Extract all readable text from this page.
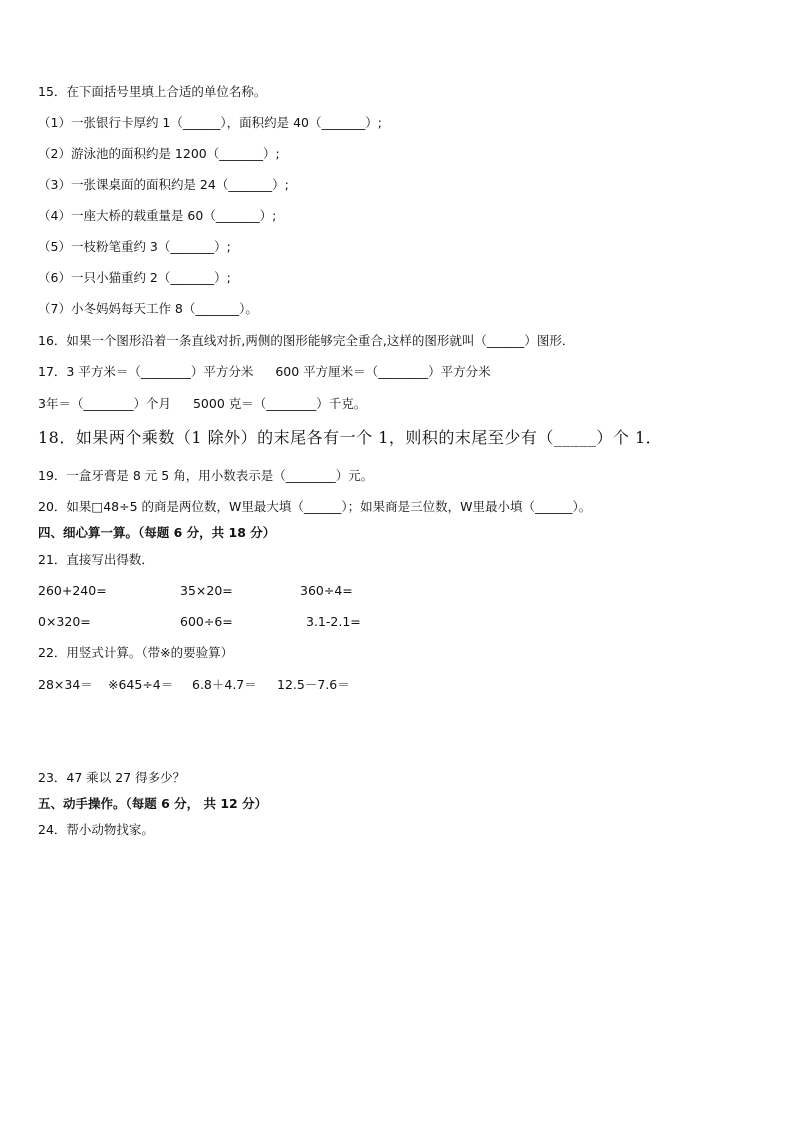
15．在下面括号里填上合适的单位名称。
（1）一张银行卡厚约 1（______），面积约是 40（_______）;
（2）游泳池的面积约是 1200（_______）;
（3）一张课桌面的面积约是 24（_______）;
（4）一座大桥的载重量是 60（_______）;
（5）一枝粉笔重约 3（_______）;
（6）一只小猫重约 2（_______）;
（7）小冬妈妈每天工作 8（_______）。
16．如果一个图形沿着一条直线对折,两侧的图形能够完全重合,这样的图形就叫（______）图形．
17．3 平方米＝（________）平方分米 600 平方厘米＝（________）平方分米
3年＝（________）个月 5000 克＝（________）千克。
18．如果两个乘数（1 除外）的末尾各有一个 1，则积的末尾至少有（_____）个 1．
19．一盒牙膏是 8 元 5 角，用小数表示是（________）元。
20．如果□48÷5 的商是两位数，W里最大填（______）；如果商是三位数，W里最小填（______）。
四、细心算一算。（每题 6 分，共 18 分）
21．直接写出得数．
260+240=	35×20=	360÷4=
0×320=	600÷6=	3.1-2.1=
22．用竖式计算。（带※的要验算）
28×34＝ ※645÷4＝ 6.8＋4.7＝ 12.5－7.6＝
23．47 乘以 27 得多少？
五、动手操作。（每题 6 分， 共 12 分）
24．帮小动物找家。
